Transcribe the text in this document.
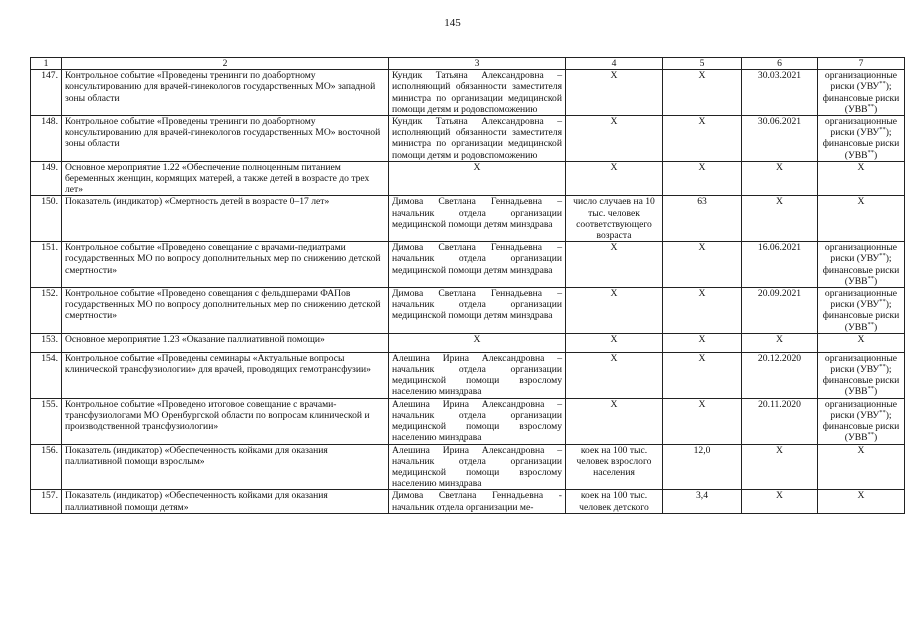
145
1	2	3	4	5	6	7
147.	Контрольное событие «Проведены тренинги по доабортному консультированию для врачей-гинекологов государственных МО» западной зоны области	Кундик Татьяна Александровна – исполняющий обязанности заместителя министра по организации медицинской помощи детям и родовспоможению	Х	Х	30.03.2021	организационные риски (УВУ**);
финансовые риски (УВВ**)
148.	Контрольное событие «Проведены тренинги по доабортному консультированию для врачей-гинекологов государственных МО» восточной зоны области	Кундик Татьяна Александровна – исполняющий обязанности заместителя министра по организации медицинской помощи детям и родовспоможению	Х	Х	30.06.2021	организационные риски (УВУ**);
финансовые риски (УВВ**)
149.	Основное мероприятие 1.22 «Обеспечение полноценным питанием беременных женщин, кормящих матерей, а также детей в возрасте до трех лет»	Х	Х	Х	Х	Х
150.	Показатель (индикатор) «Смертность детей в возрасте 0–17 лет»	Димова Светлана Геннадьевна – начальник отдела организации медицинской помощи детям минздрава	число случаев на 10 тыс. человек соответствующего возраста	63	Х	Х
151.	Контрольное событие «Проведено совещание с врачами-педиатрами государственных МО по вопросу дополнительных мер по снижению детской смертности»	Димова Светлана Геннадьевна – начальник отдела организации медицинской помощи детям минздрава	Х	Х	16.06.2021	организационные риски (УВУ**);
финансовые риски (УВВ**)
152.	Контрольное событие «Проведено совещания с фельдшерами ФАПов государственных МО по вопросу дополнительных мер по снижению детской смертности»	Димова Светлана Геннадьевна – начальник отдела организации медицинской помощи детям минздрава	Х	Х	20.09.2021	организационные риски (УВУ**);
финансовые риски (УВВ**)
153.	Основное мероприятие 1.23 «Оказание паллиативной помощи»	Х	Х	Х	Х	Х
154.	Контрольное событие «Проведены семинары «Актуальные вопросы клинической трансфузиологии» для врачей, проводящих гемотрансфузии»	Алешина Ирина Александровна – начальник отдела организации медицинской помощи взрослому населению минздрава	Х	Х	20.12.2020	организационные риски (УВУ**);
финансовые риски (УВВ**)
155.	Контрольное событие «Проведено итоговое совещание с врачами-трансфузиологами МО Оренбургской области по вопросам клинической и производственной трансфузиологии»	Алешина Ирина Александровна – начальник отдела организации медицинской помощи взрослому населению минздрава	Х	Х	20.11.2020	организационные риски (УВУ**);
финансовые риски (УВВ**)
156.	Показатель (индикатор) «Обеспеченность койками для оказания паллиативной помощи взрослым»	Алешина Ирина Александровна – начальник отдела организации медицинской помощи взрослому населению минздрава	коек на 100 тыс. человек взрослого населения	12,0	Х	Х
157.	Показатель (индикатор) «Обеспеченность койками для оказания паллиативной помощи детям»	Димова Светлана Геннадьевна - начальник отдела организации ме-	коек на 100 тыс. человек детского	3,4	Х	Х
